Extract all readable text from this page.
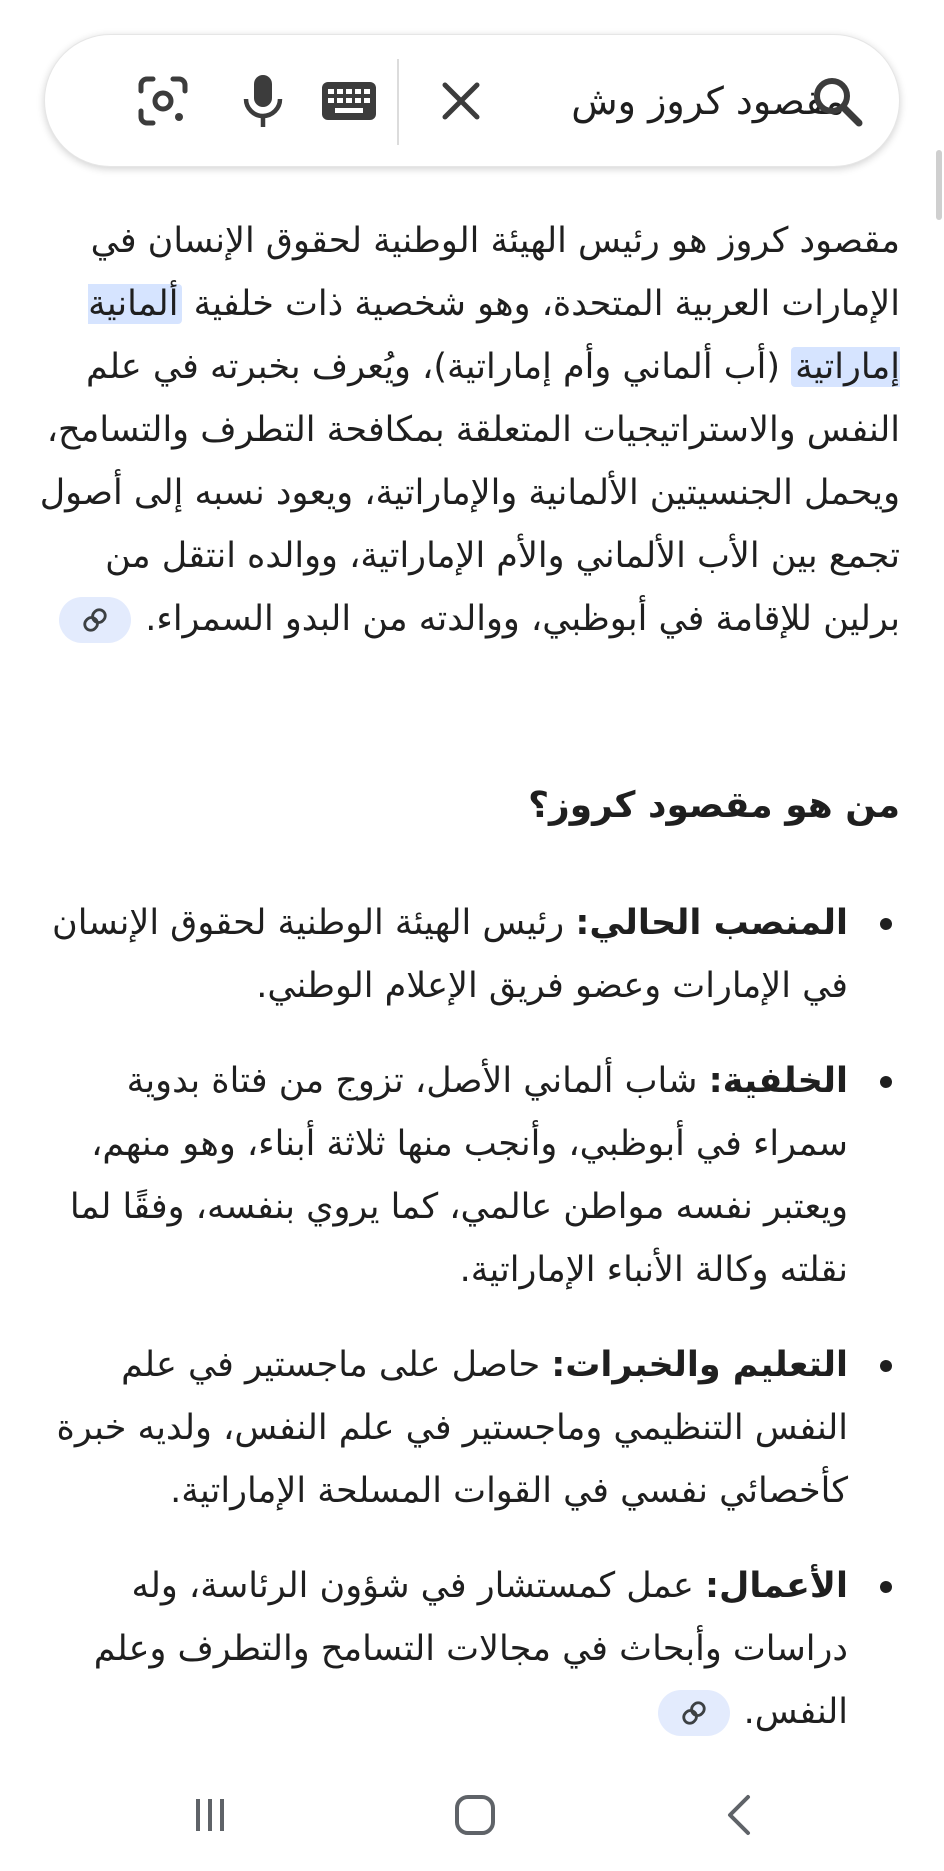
مقصود كروز وش

مقصود كروز هو رئيس الهيئة الوطنية لحقوق الإنسان في الإمارات العربية المتحدة، وهو شخصية ذات خلفية ألمانية إماراتية (أب ألماني وأم إماراتية)، ويُعرف بخبرته في علم النفس والاستراتيجيات المتعلقة بمكافحة التطرف والتسامح، ويحمل الجنسيتين الألمانية والإماراتية، ويعود نسبه إلى أصول تجمع بين الأب الألماني والأم الإماراتية، ووالده انتقل من برلين للإقامة في أبوظبي، ووالدته من البدو السمراء.

من هو مقصود كروز؟
المنصب الحالي: رئيس الهيئة الوطنية لحقوق الإنسان في الإمارات وعضو فريق الإعلام الوطني.
الخلفية: شاب ألماني الأصل، تزوج من فتاة بدوية سمراء في أبوظبي، وأنجب منها ثلاثة أبناء، وهو منهم، ويعتبر نفسه مواطن عالمي، كما يروي بنفسه، وفقًا لما نقلته وكالة الأنباء الإماراتية.
التعليم والخبرات: حاصل على ماجستير في علم النفس التنظيمي وماجستير في علم النفس، ولديه خبرة كأخصائي نفسي في القوات المسلحة الإماراتية.
الأعمال: عمل كمستشار في شؤون الرئاسة، وله دراسات وأبحاث في مجالات التسامح والتطرف وعلم النفس.
